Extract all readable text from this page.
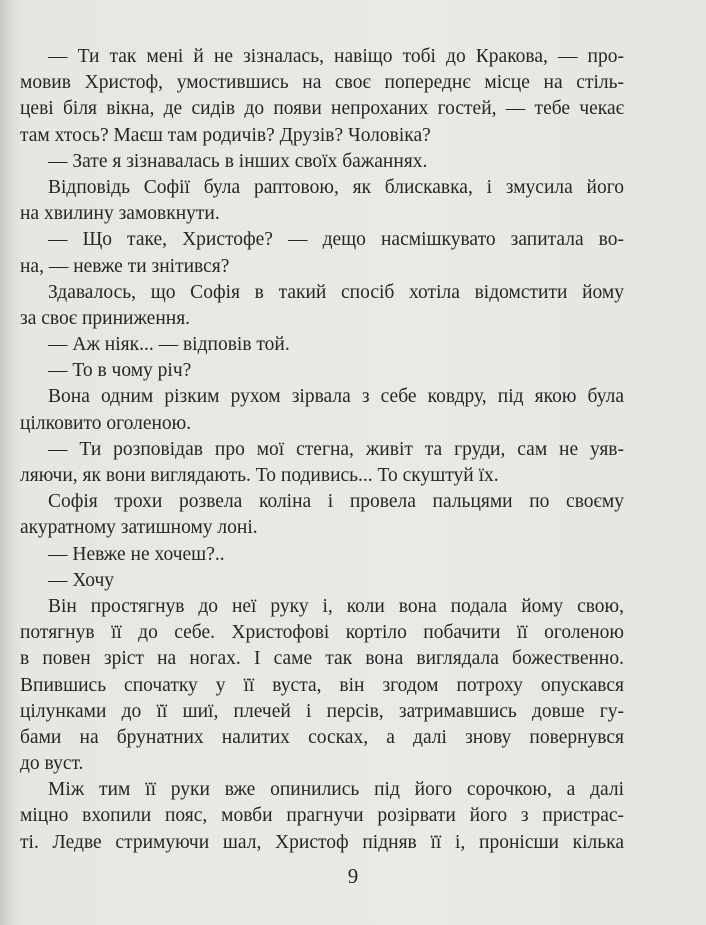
— Ти так мені й не зізналась, навіщо тобі до Кракова, — про-
мовив Христоф, умостившись на своє попереднє місце на стіль-
цеві біля вікна, де сидів до появи непроханих гостей, — тебе чекає
там хтось? Маєш там родичів? Друзів? Чоловіка?
— Зате я зізнавалась в інших своїх бажаннях.
Відповідь Софії була раптовою, як блискавка, і змусила його
на хвилину замовкнути.
— Що таке, Христофе? — дещо насмішкувато запитала во-
на, — невже ти знітився?
Здавалось, що Софія в такий спосіб хотіла відомстити йому
за своє приниження.
— Аж ніяк... — відповів той.
— То в чому річ?
Вона одним різким рухом зірвала з себе ковдру, під якою була
цілковито оголеною.
— Ти розповідав про мої стегна, живіт та груди, сам не уяв-
ляючи, як вони виглядають. То подивись... То скуштуй їх.
Софія трохи розвела коліна і провела пальцями по своєму
акуратному затишному лоні.
— Невже не хочеш?..
— Хочу
Він простягнув до неї руку і, коли вона подала йому свою,
потягнув її до себе. Христофові кортіло побачити її оголеною
в повен зріст на ногах. І саме так вона виглядала божественно.
Впившись спочатку у її вуста, він згодом потроху опускався
цілунками до її шиї, плечей і персів, затримавшись довше гу-
бами на брунатних налитих сосках, а далі знову повернувся
до вуст.
Між тим її руки вже опинились під його сорочкою, а далі
міцно вхопили пояс, мовби прагнучи розірвати його з пристрас-
ті. Ледве стримуючи шал, Христоф підняв її і, пронісши кілька
9
